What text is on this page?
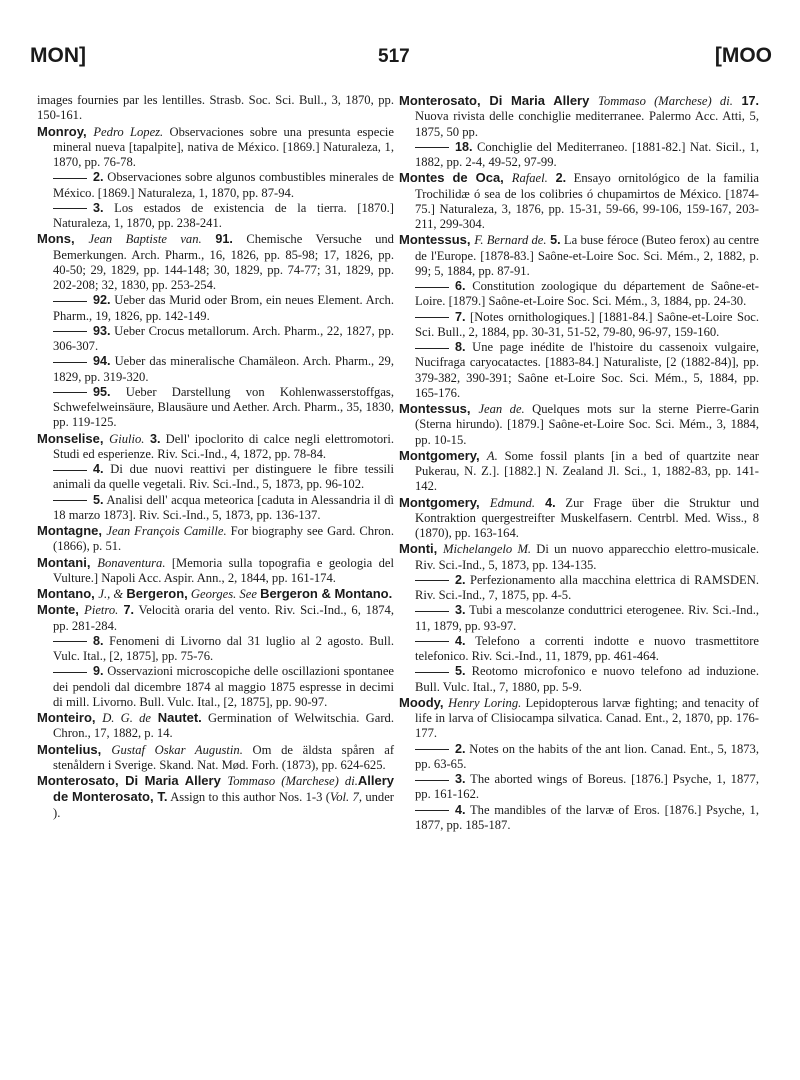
MON]	517	[MOO

images fournies par les lentilles. Strasb. Soc. Sci. Bull., 3, 1870, pp. 150-161.

Monroy, Pedro Lopez. Observaciones sobre una presunta especie mineral nueva [tapalpite], nativa de México. [1869.] Naturaleza, 1, 1870, pp. 76-78.

2. Observaciones sobre algunos combustibles minerales de México. [1869.] Naturaleza, 1, 1870, pp. 87-94.

3. Los estados de existencia de la tierra. [1870.] Naturaleza, 1, 1870, pp. 238-241.

Mons, Jean Baptiste van. 91. Chemische Versuche und Bemerkungen. Arch. Pharm., 16, 1826, pp. 85-98; 17, 1826, pp. 40-50; 29, 1829, pp. 144-148; 30, 1829, pp. 74-77; 31, 1829, pp. 202-208; 32, 1830, pp. 253-254.

92. Ueber das Murid oder Brom, ein neues Element. Arch. Pharm., 19, 1826, pp. 142-149.

93. Ueber Crocus metallorum. Arch. Pharm., 22, 1827, pp. 306-307.

94. Ueber das mineralische Chamäleon. Arch. Pharm., 29, 1829, pp. 319-320.

95. Ueber Darstellung von Kohlenwasserstoffgas, Schwefelweinsäure, Blausäure und Aether. Arch. Pharm., 35, 1830, pp. 119-125.

Monselise, Giulio. 3. Dell' ipoclorito di calce negli elettromotori. Studi ed esperienze. Riv. Sci.-Ind., 4, 1872, pp. 78-84.

4. Di due nuovi reattivi per distinguere le fibre tessili animali da quelle vegetali. Riv. Sci.-Ind., 5, 1873, pp. 96-102.

5. Analisi dell' acqua meteorica [caduta in Alessandria il dì 18 marzo 1873]. Riv. Sci.-Ind., 5, 1873, pp. 136-137.

Montagne, Jean François Camille. For biography see Gard. Chron. (1866), p. 51.

Montani, Bonaventura. [Memoria sulla topografia e geologia del Vulture.] Napoli Acc. Aspir. Ann., 2, 1844, pp. 161-174.

Montano, J., & Bergeron, Georges. See Bergeron & Montano.

Monte, Pietro. 7. Velocità oraria del vento. Riv. Sci.-Ind., 6, 1874, pp. 281-284.

8. Fenomeni di Livorno dal 31 luglio al 2 agosto. Bull. Vulc. Ital., [2, 1875], pp. 75-76.

9. Osservazioni microscopiche delle oscillazioni spontanee dei pendoli dal dicembre 1874 al maggio 1875 espresse in decimi di mill. Livorno. Bull. Vulc. Ital., [2, 1875], pp. 90-97.

Monteiro, D. G. de Nautet. Germination of Welwitschia. Gard. Chron., 17, 1882, p. 14.

Montelius, Gustaf Oskar Augustin. Om de äldsta spåren af stenåldern i Sverige. Skand. Nat. Mød. Forh. (1873), pp. 624-625.

Monterosato, Di Maria Allery Tommaso (Marchese) di.Allery de Monterosato, T. Assign to this author Nos. 1-3 (Vol. 7, under ).

Monterosato, Di Maria Allery Tommaso (Marchese) di. 17. Nuova rivista delle conchiglie mediterranee. Palermo Acc. Atti, 5, 1875, 50 pp.

18. Conchiglie del Mediterraneo. [1881-82.] Nat. Sicil., 1, 1882, pp. 2-4, 49-52, 97-99.

Montes de Oca, Rafael. 2. Ensayo ornitológico de la familia Trochilidæ ó sea de los colibries ó chupamirtos de México. [1874-75.] Naturaleza, 3, 1876, pp. 15-31, 59-66, 99-106, 159-167, 203-211, 299-304.

Montessus, F. Bernard de. 5. La buse féroce (Buteo ferox) au centre de l'Europe. [1878-83.] Saône-et-Loire Soc. Sci. Mém., 2, 1882, p. 99; 5, 1884, pp. 87-91.

6. Constitution zoologique du département de Saône-et-Loire. [1879.] Saône-et-Loire Soc. Sci. Mém., 3, 1884, pp. 24-30.

7. [Notes ornithologiques.] [1881-84.] Saône-et-Loire Soc. Sci. Bull., 2, 1884, pp. 30-31, 51-52, 79-80, 96-97, 159-160.

8. Une page inédite de l'histoire du cassenoix vulgaire, Nucifraga caryocatactes. [1883-84.] Naturaliste, [2 (1882-84)], pp. 379-382, 390-391; Saône et-Loire Soc. Sci. Mém., 5, 1884, pp. 165-176.

Montessus, Jean de. Quelques mots sur la sterne Pierre-Garin (Sterna hirundo). [1879.] Saône-et-Loire Soc. Sci. Mém., 3, 1884, pp. 10-15.

Montgomery, A. Some fossil plants [in a bed of quartzite near Pukerau, N. Z.]. [1882.] N. Zealand Jl. Sci., 1, 1882-83, pp. 141-142.

Montgomery, Edmund. 4. Zur Frage über die Struktur und Kontraktion quergestreifter Muskelfasern. Centrbl. Med. Wiss., 8 (1870), pp. 163-164.

Monti, Michelangelo M. Di un nuovo apparecchio elettro-musicale. Riv. Sci.-Ind., 5, 1873, pp. 134-135.

2. Perfezionamento alla macchina elettrica di RAMSDEN. Riv. Sci.-Ind., 7, 1875, pp. 4-5.

3. Tubi a mescolanze conduttrici eterogenee. Riv. Sci.-Ind., 11, 1879, pp. 93-97.

4. Telefono a correnti indotte e nuovo trasmettitore telefonico. Riv. Sci.-Ind., 11, 1879, pp. 461-464.

5. Reotomo microfonico e nuovo telefono ad induzione. Bull. Vulc. Ital., 7, 1880, pp. 5-9.

Moody, Henry Loring. Lepidopterous larvæ fighting; and tenacity of life in larva of Clisiocampa silvatica. Canad. Ent., 2, 1870, pp. 176-177.

2. Notes on the habits of the ant lion. Canad. Ent., 5, 1873, pp. 63-65.

3. The aborted wings of Boreus. [1876.] Psyche, 1, 1877, pp. 161-162.

4. The mandibles of the larvæ of Eros. [1876.] Psyche, 1, 1877, pp. 185-187.
